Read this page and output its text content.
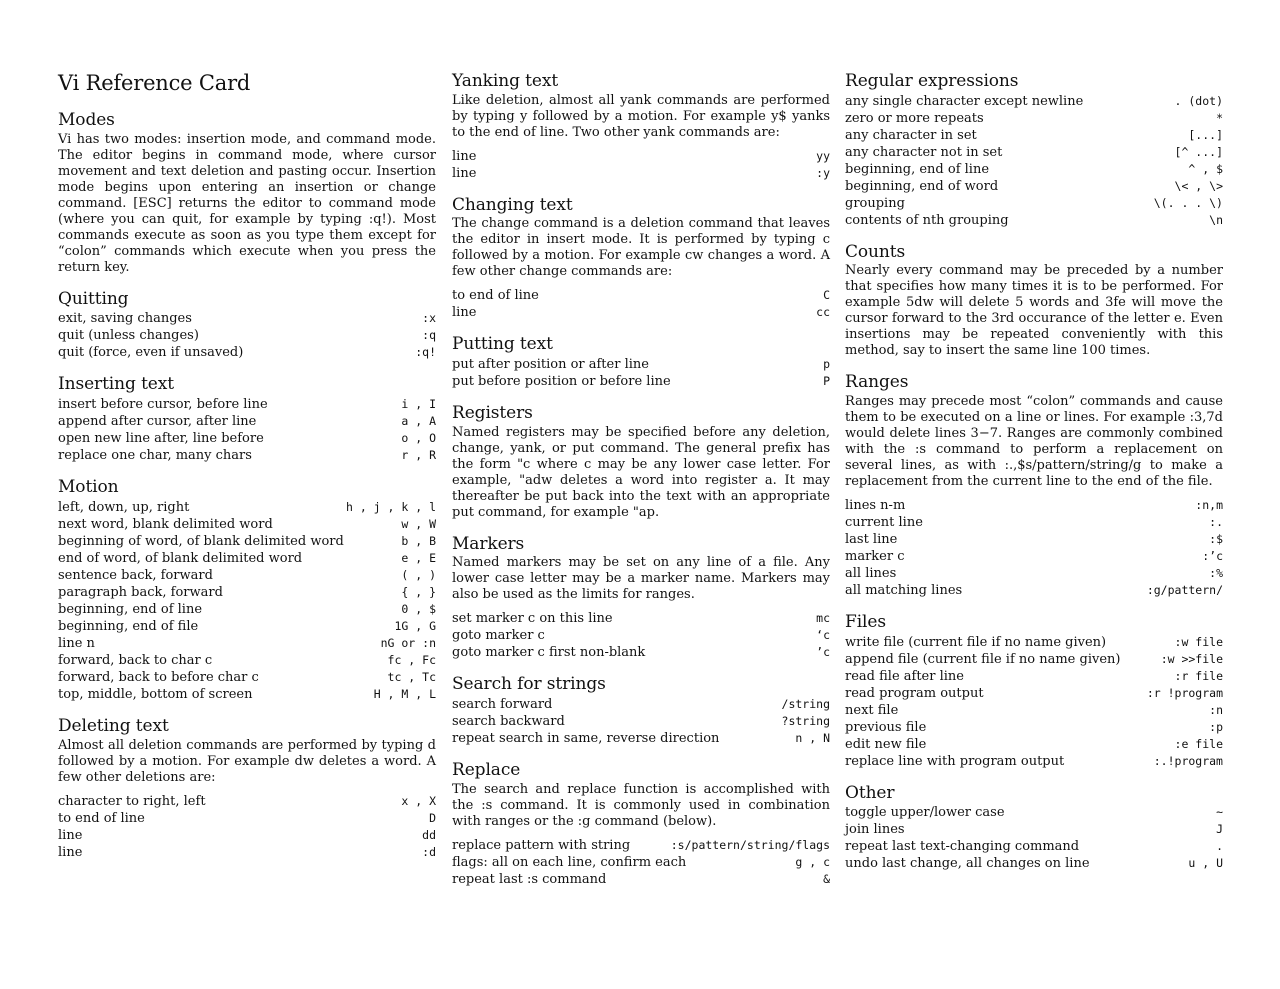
Vi Reference Card
Modes

Vi has two modes: insertion mode, and command mode. The editor begins in command mode, where cursor movement and text deletion and pasting occur. Insertion mode begins upon entering an insertion or change command. [ESC] returns the editor to command mode (where you can quit, for example by typing :q!). Most commands execute as soon as you type them except for “colon” commands which execute when you press the return key.

Quitting
exit, saving changes	:x
quit (unless changes)	:q
quit (force, even if unsaved)	:q!
Inserting text
insert before cursor, before line	i , I
append after cursor, after line	a , A
open new line after, line before	o , O
replace one char, many chars	r , R
Motion
left, down, up, right	h , j , k , l
next word, blank delimited word	w , W
beginning of word, of blank delimited word	b , B
end of word, of blank delimited word	e , E
sentence back, forward	( , )
paragraph back, forward	{ , }
beginning, end of line	0 , $
beginning, end of file	1G , G
line n	nG or :n
forward, back to char c	fc , Fc
forward, back to before char c	tc , Tc
top, middle, bottom of screen	H , M , L
Deleting text

Almost all deletion commands are performed by typing d followed by a motion. For example dw deletes a word. A few other deletions are:

character to right, left	x , X
to end of line	D
line	dd
line	:d
Yanking text

Like deletion, almost all yank commands are performed by typing y followed by a motion. For example y$ yanks to the end of line. Two other yank commands are:

line	yy
line	:y
Changing text

The change command is a deletion command that leaves the editor in insert mode. It is performed by typing c followed by a motion. For example cw changes a word. A few other change commands are:

to end of line	C
line	cc
Putting text
put after position or after line	p
put before position or before line	P
Registers

Named registers may be specified before any deletion, change, yank, or put command. The general prefix has the form "c where c may be any lower case letter. For example, "adw deletes a word into register a. It may thereafter be put back into the text with an appropriate put command, for example "ap.

Markers

Named markers may be set on any line of a file. Any lower case letter may be a marker name. Markers may also be used as the limits for ranges.

set marker c on this line	mc
goto marker c	‘c
goto marker c first non-blank	’c
Search for strings
search forward	/string
search backward	?string
repeat search in same, reverse direction	n , N
Replace

The search and replace function is accomplished with the :s command. It is commonly used in combination with ranges or the :g command (below).

replace pattern with string	:s/pattern/string/flags
flags: all on each line, confirm each	g , c
repeat last :s command	&
Regular expressions
any single character except newline	. (dot)
zero or more repeats	*
any character in set	[...]
any character not in set	[^ ...]
beginning, end of line	^ , $
beginning, end of word	\< , \>
grouping	\(. . . \)
contents of nth grouping	\n
Counts

Nearly every command may be preceded by a number that specifies how many times it is to be performed. For example 5dw will delete 5 words and 3fe will move the cursor forward to the 3rd occurance of the letter e. Even insertions may be repeated conveniently with this method, say to insert the same line 100 times.

Ranges

Ranges may precede most “colon” commands and cause them to be executed on a line or lines. For example :3,7d would delete lines 3−7. Ranges are commonly combined with the :s command to perform a replacement on several lines, as with :.,$s/pattern/string/g to make a replacement from the current line to the end of the file.

lines n-m	:n,m
current line	:.
last line	:$
marker c	:’c
all lines	:%
all matching lines	:g/pattern/
Files
write file (current file if no name given)	:w file
append file (current file if no name given)	:w >>file
read file after line	:r file
read program output	:r !program
next file	:n
previous file	:p
edit new file	:e file
replace line with program output	:.!program
Other
toggle upper/lower case	~
join lines	J
repeat last text-changing command	.
undo last change, all changes on line	u , U
